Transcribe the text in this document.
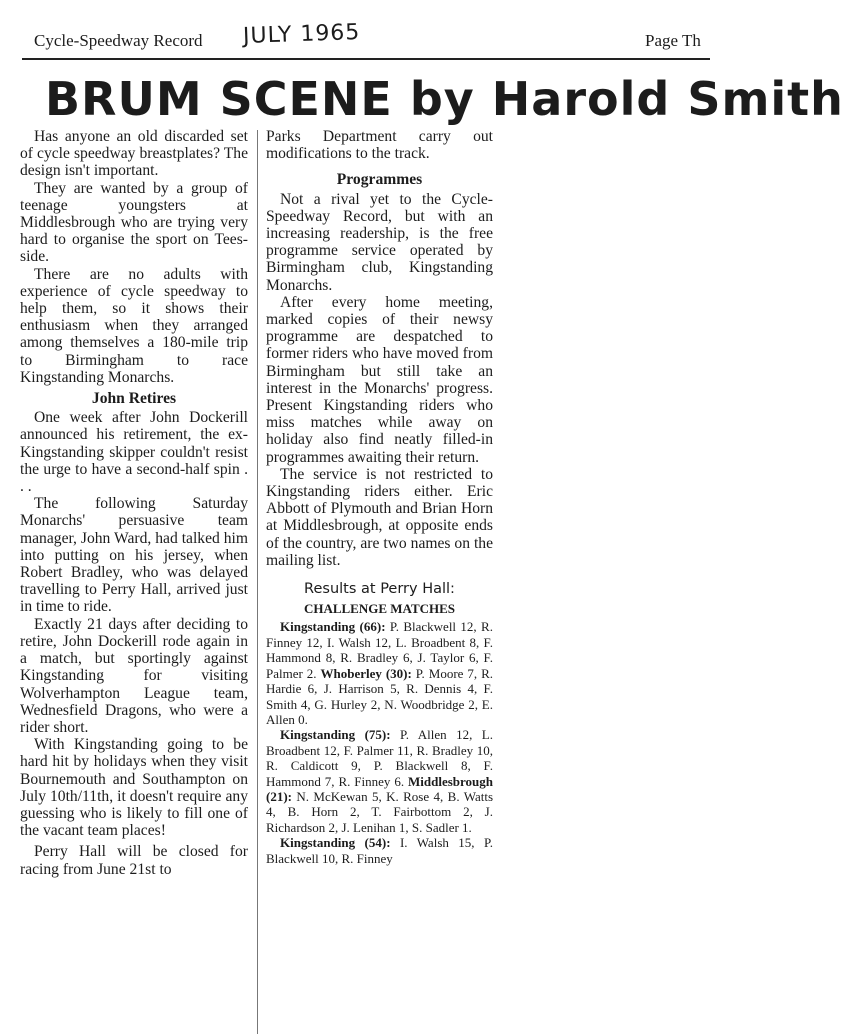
Cycle-Speedway Record JULY 1965	Page Th
BRUM SCENE by Harold Smith

Has anyone an old discarded set of cycle speedway breastplates? The design isn't important.

They are wanted by a group of teenage youngsters at Middlesbrough who are trying very hard to organise the sport on Tees-side.

There are no adults with experience of cycle speedway to help them, so it shows their enthusiasm when they arranged among themselves a 180-mile trip to Birmingham to race Kingstanding Monarchs.

John Retires

One week after John Dockerill announced his retirement, the ex-Kingstanding skipper couldn't resist the urge to have a second-half spin . . .

The following Saturday Monarchs' persuasive team manager, John Ward, had talked him into putting on his jersey, when Robert Bradley, who was delayed travelling to Perry Hall, arrived just in time to ride.

Exactly 21 days after deciding to retire, John Dockerill rode again in a match, but sportingly against Kingstanding for visiting Wolverhampton League team, Wednesfield Dragons, who were a rider short.

With Kingstanding going to be hard hit by holidays when they visit Bournemouth and Southampton on July 10th/11th, it doesn't require any guessing who is likely to fill one of the vacant team places!

Perry Hall will be closed for racing from June 21st to

Parks Department carry out modifications to the track.

Programmes

Not a rival yet to the Cycle-Speedway Record, but with an increasing readership, is the free programme service operated by Birmingham club, Kingstanding Monarchs.

After every home meeting, marked copies of their newsy programme are despatched to former riders who have moved from Birmingham but still take an interest in the Monarchs' progress. Present Kingstanding riders who miss matches while away on holiday also find neatly filled-in programmes awaiting their return.

The service is not restricted to Kingstanding riders either. Eric Abbott of Plymouth and Brian Horn at Middlesbrough, at opposite ends of the country, are two names on the mailing list.

Results at Perry Hall:
CHALLENGE MATCHES

Kingstanding (66): P. Blackwell 12, R. Finney 12, I. Walsh 12, L. Broadbent 8, F. Hammond 8, R. Bradley 6, J. Taylor 6, F. Palmer 2. Whoberley (30): P. Moore 7, R. Hardie 6, J. Harrison 5, R. Dennis 4, F. Smith 4, G. Hurley 2, N. Woodbridge 2, E. Allen 0.

Kingstanding (75): P. Allen 12, L. Broadbent 12, F. Palmer 11, R. Bradley 10, R. Caldicott 9, P. Blackwell 8, F. Hammond 7, R. Finney 6. Middlesbrough (21): N. McKewan 5, K. Rose 4, B. Watts 4, B. Horn 2, T. Fairbottom 2, J. Richardson 2, J. Lenihan 1, S. Sadler 1.

Kingstanding (54): I. Walsh 15, P. Blackwell 10, R. Finney
